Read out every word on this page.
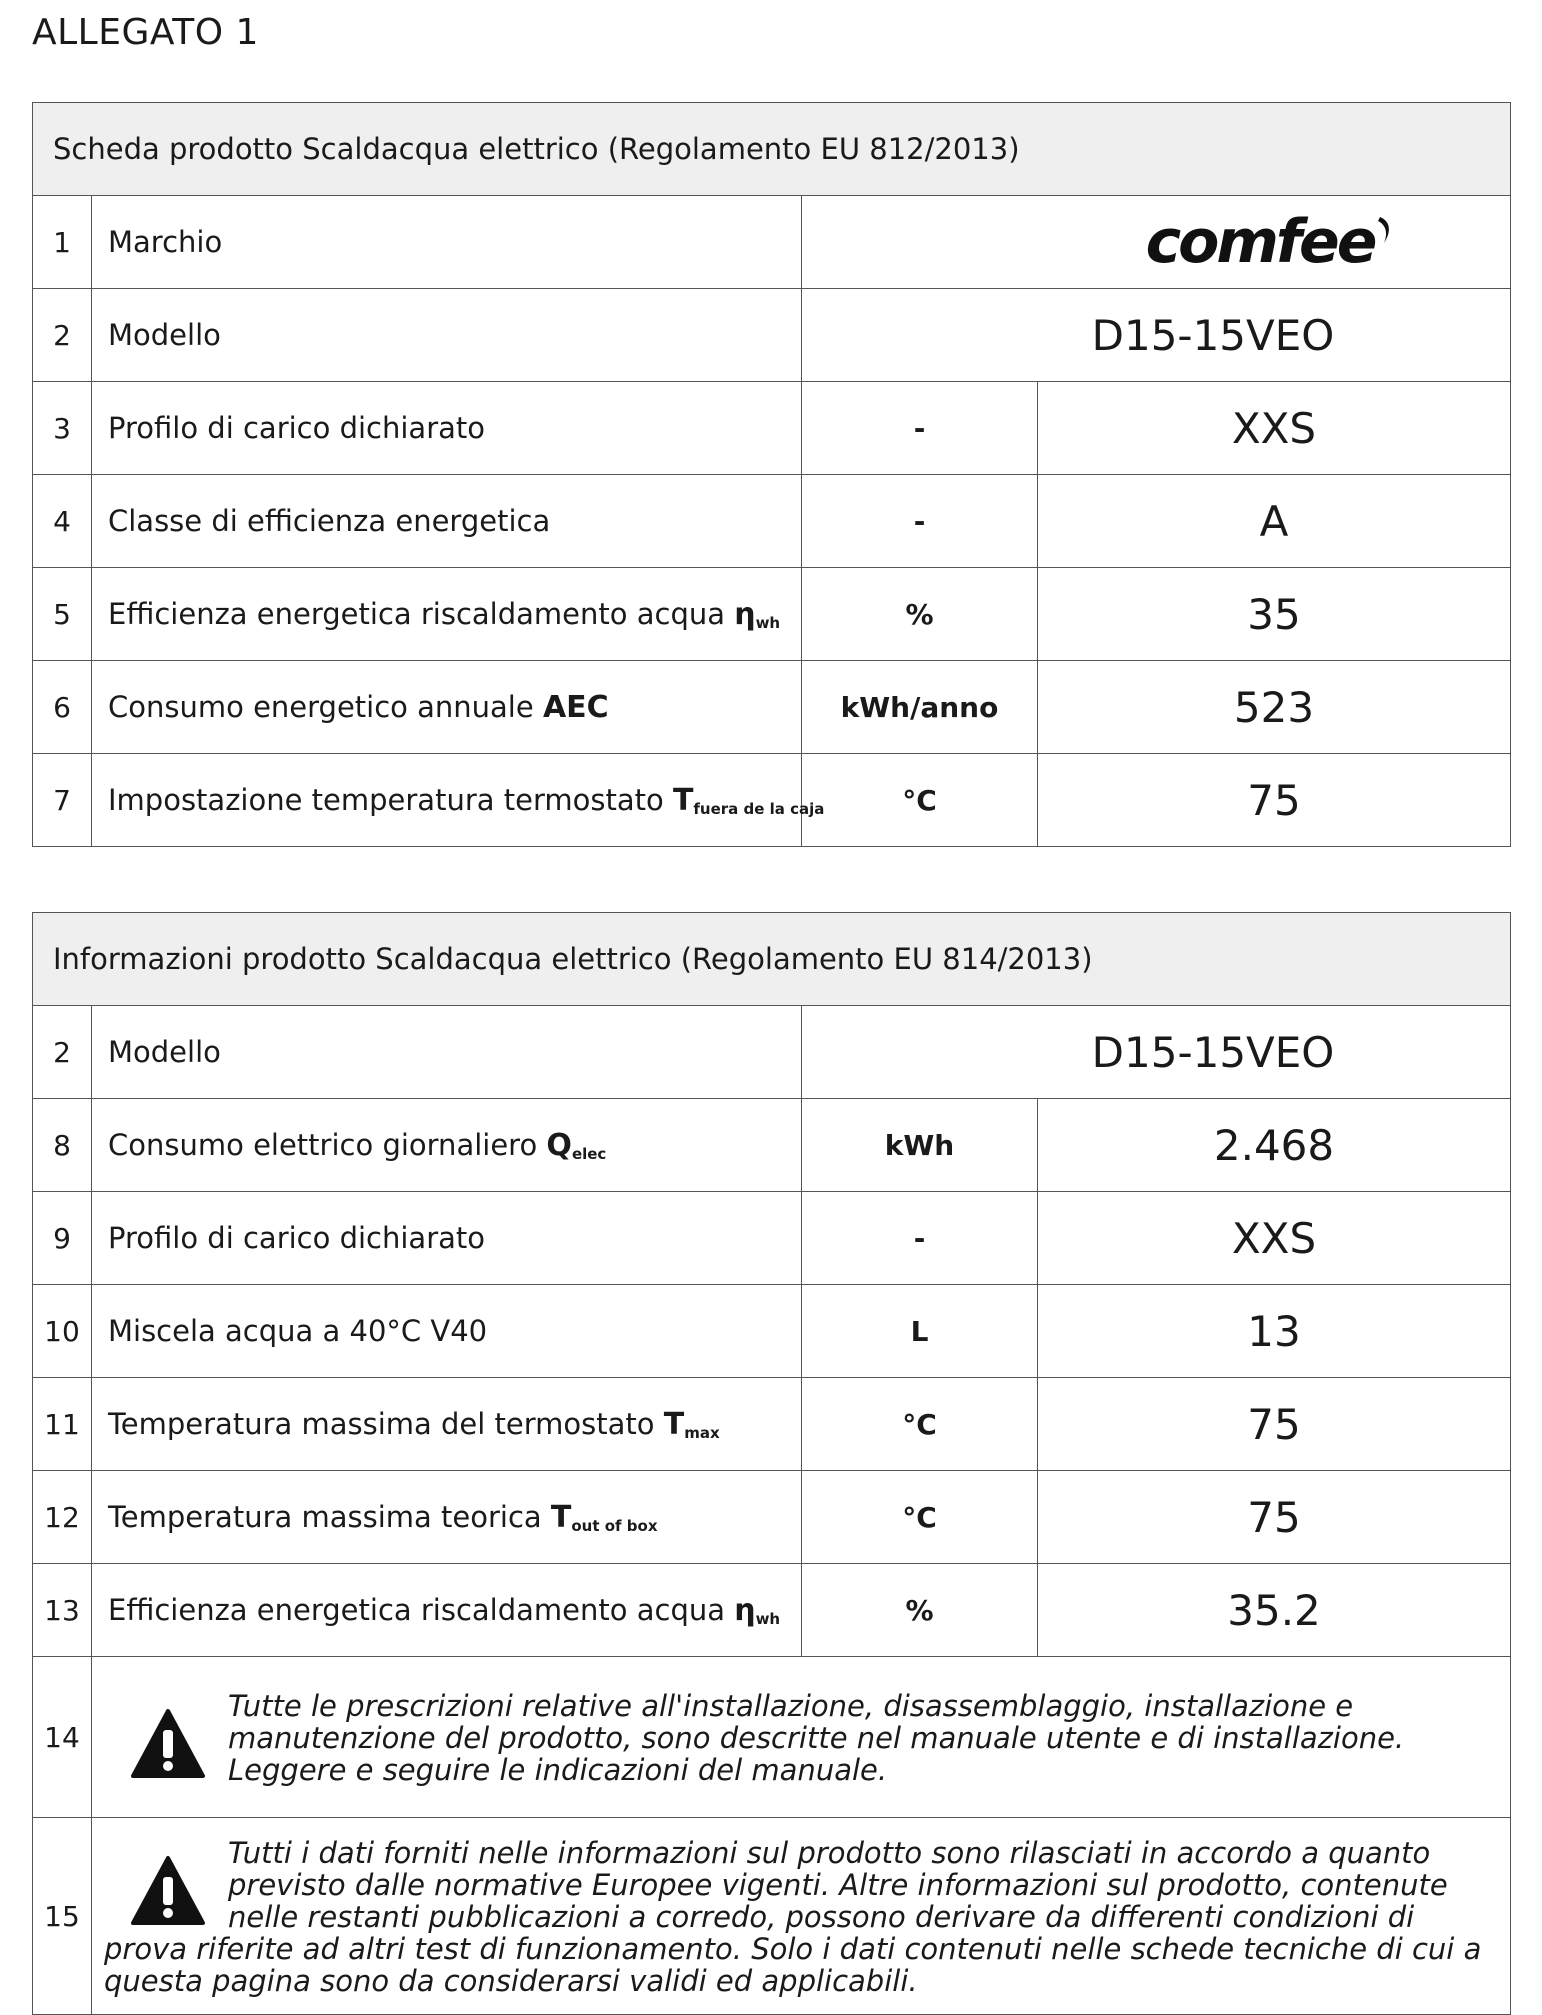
ALLEGATO 1
Scheda prodotto Scaldacqua elettrico (Regolamento EU 812/2013)			
1	Marchio	comfee	
2	Modello	D15-15VEO	
3	Profilo di carico dichiarato	-	XXS
4	Classe di efficienza energetica	-	A
5	Efficienza energetica riscaldamento acqua $\eta_{wh}$	%	35
6	Consumo energetico annuale AEC	kWh/anno	523
7	Impostazione temperatura termostato $T_{fuera de la caja}$	°C	75
Informazioni prodotto Scaldacqua elettrico (Regolamento EU 814/2013)			
2	Modello	D15-15VEO	
8	Consumo elettrico giornaliero $Q_{elec}$	kWh	2.468
9	Profilo di carico dichiarato	-	XXS
10	Miscela acqua a 40°C V40	L	13
11	Temperatura massima del termostato $T_{max}$	°C	75
12	Temperatura massima teorica $T_{out of box}$	°C	75
13	Efficienza energetica riscaldamento acqua $\eta_{wh}$	%	35.2
14	Tutte le prescrizioni relative all'installazione, disassemblaggio, installazione e manutenzione del prodotto, sono descritte nel manuale utente e di installazione. Leggere e seguire le indicazioni del manuale.		
15	Tutti i dati forniti nelle informazioni sul prodotto sono rilasciati in accordo a quanto previsto dalle normative Europee vigenti. Altre informazioni sul prodotto, contenute nelle restanti pubblicazioni a corredo, possono derivare da differenti condizioni di prova riferite ad altri test di funzionamento. Solo i dati contenuti nelle schede tecniche di cui a questa pagina sono da considerarsi validi ed applicabili.		
